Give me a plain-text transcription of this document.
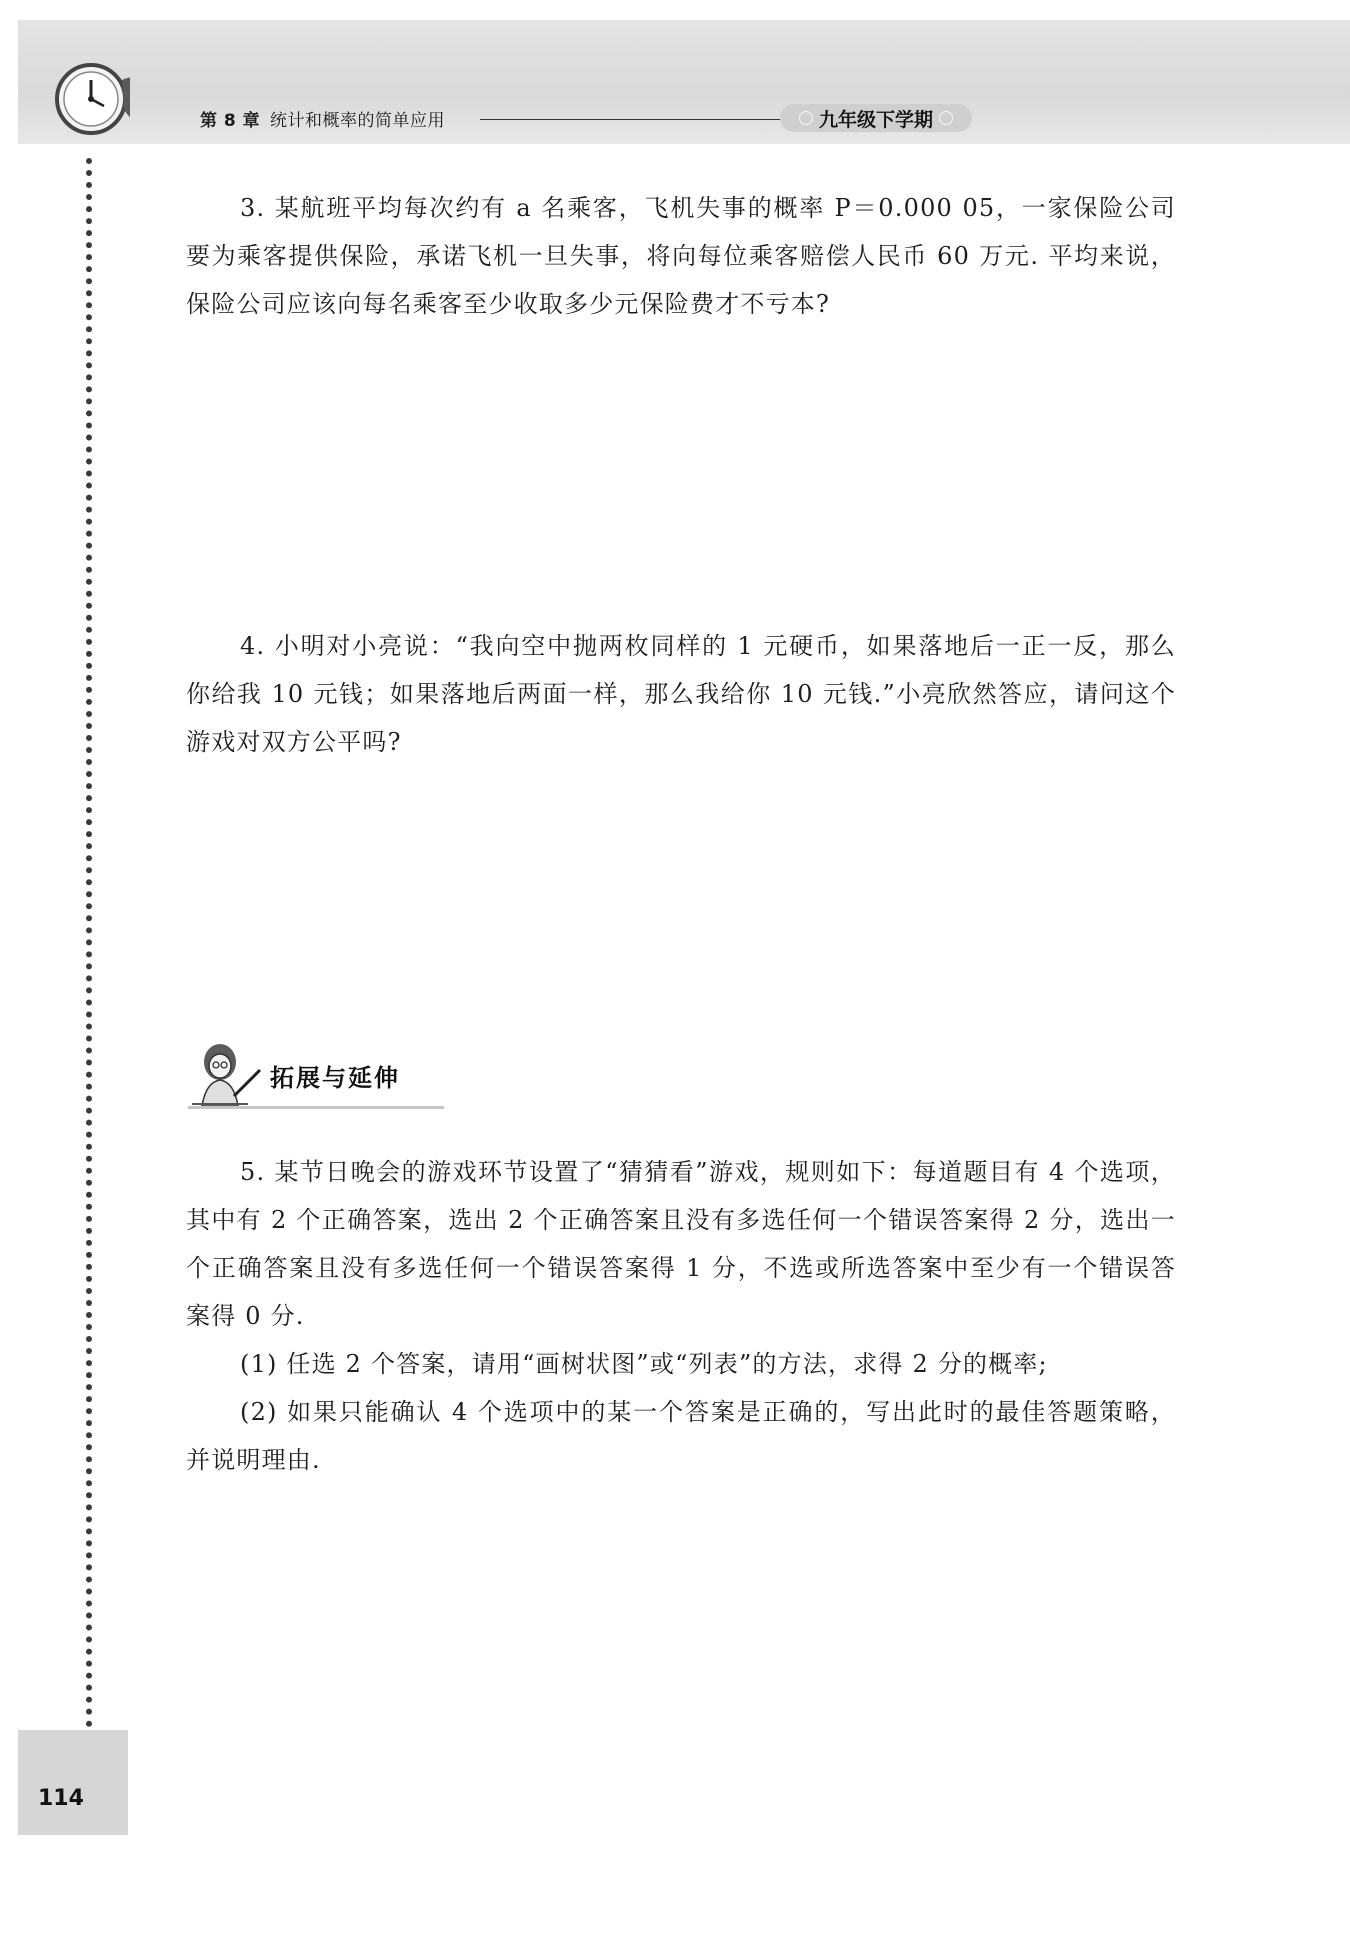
第 8 章 统计和概率的简单应用	九年级下学期

3. 某航班平均每次约有 a 名乘客，飞机失事的概率 P＝0.000 05，一家保险公司要为乘客提供保险，承诺飞机一旦失事，将向每位乘客赔偿人民币 60 万元. 平均来说，保险公司应该向每名乘客至少收取多少元保险费才不亏本?

4. 小明对小亮说：“我向空中抛两枚同样的 1 元硬币，如果落地后一正一反，那么你给我 10 元钱；如果落地后两面一样，那么我给你 10 元钱.”小亮欣然答应，请问这个游戏对双方公平吗?

拓展与延伸

5. 某节日晚会的游戏环节设置了“猜猜看”游戏，规则如下：每道题目有 4 个选项，其中有 2 个正确答案，选出 2 个正确答案且没有多选任何一个错误答案得 2 分，选出一个正确答案且没有多选任何一个错误答案得 1 分，不选或所选答案中至少有一个错误答案得 0 分.

(1) 任选 2 个答案，请用“画树状图”或“列表”的方法，求得 2 分的概率;

(2) 如果只能确认 4 个选项中的某一个答案是正确的，写出此时的最佳答题策略，并说明理由.

114
